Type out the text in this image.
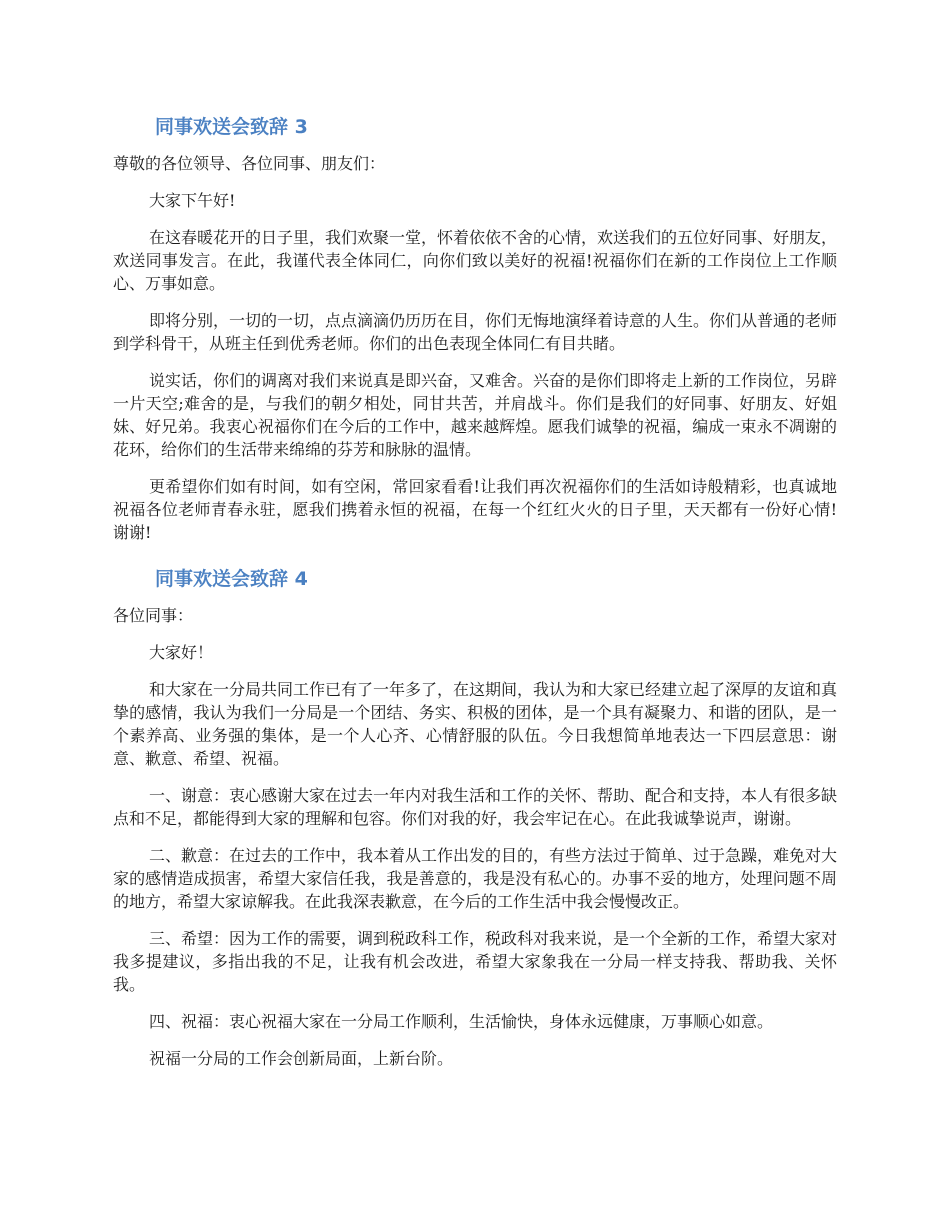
同事欢送会致辞 3

尊敬的各位领导、各位同事、朋友们：

大家下午好!

在这春暖花开的日子里，我们欢聚一堂，怀着依依不舍的心情，欢送我们的五位好同事、好朋友，欢送同事发言。在此，我谨代表全体同仁，向你们致以美好的祝福!祝福你们在新的工作岗位上工作顺心、万事如意。

即将分别，一切的一切，点点滴滴仍历历在目，你们无悔地演绎着诗意的人生。你们从普通的老师到学科骨干，从班主任到优秀老师。你们的出色表现全体同仁有目共睹。

说实话，你们的调离对我们来说真是即兴奋，又难舍。兴奋的是你们即将走上新的工作岗位，另辟一片天空;难舍的是，与我们的朝夕相处，同甘共苦，并肩战斗。你们是我们的好同事、好朋友、好姐妹、好兄弟。我衷心祝福你们在今后的工作中，越来越辉煌。愿我们诚挚的祝福，编成一束永不凋谢的花环，给你们的生活带来绵绵的芬芳和脉脉的温情。

更希望你们如有时间，如有空闲，常回家看看!让我们再次祝福你们的生活如诗般精彩，也真诚地祝福各位老师青春永驻，愿我们携着永恒的祝福，在每一个红红火火的日子里，天天都有一份好心情!谢谢!

同事欢送会致辞 4

各位同事：

大家好！

和大家在一分局共同工作已有了一年多了，在这期间，我认为和大家已经建立起了深厚的友谊和真挚的感情，我认为我们一分局是一个团结、务实、积极的团体，是一个具有凝聚力、和谐的团队，是一个素养高、业务强的集体，是一个人心齐、心情舒服的队伍。今日我想简单地表达一下四层意思：谢意、歉意、希望、祝福。

一、谢意：衷心感谢大家在过去一年内对我生活和工作的关怀、帮助、配合和支持，本人有很多缺点和不足，都能得到大家的理解和包容。你们对我的好，我会牢记在心。在此我诚挚说声，谢谢。

二、歉意：在过去的工作中，我本着从工作出发的目的，有些方法过于简单、过于急躁，难免对大家的感情造成损害，希望大家信任我，我是善意的，我是没有私心的。办事不妥的地方，处理问题不周的地方，希望大家谅解我。在此我深表歉意，在今后的工作生活中我会慢慢改正。

三、希望：因为工作的需要，调到税政科工作，税政科对我来说，是一个全新的工作，希望大家对我多提建议，多指出我的不足，让我有机会改进，希望大家象我在一分局一样支持我、帮助我、关怀我。

四、祝福：衷心祝福大家在一分局工作顺利，生活愉快，身体永远健康，万事顺心如意。

祝福一分局的工作会创新局面，上新台阶。
